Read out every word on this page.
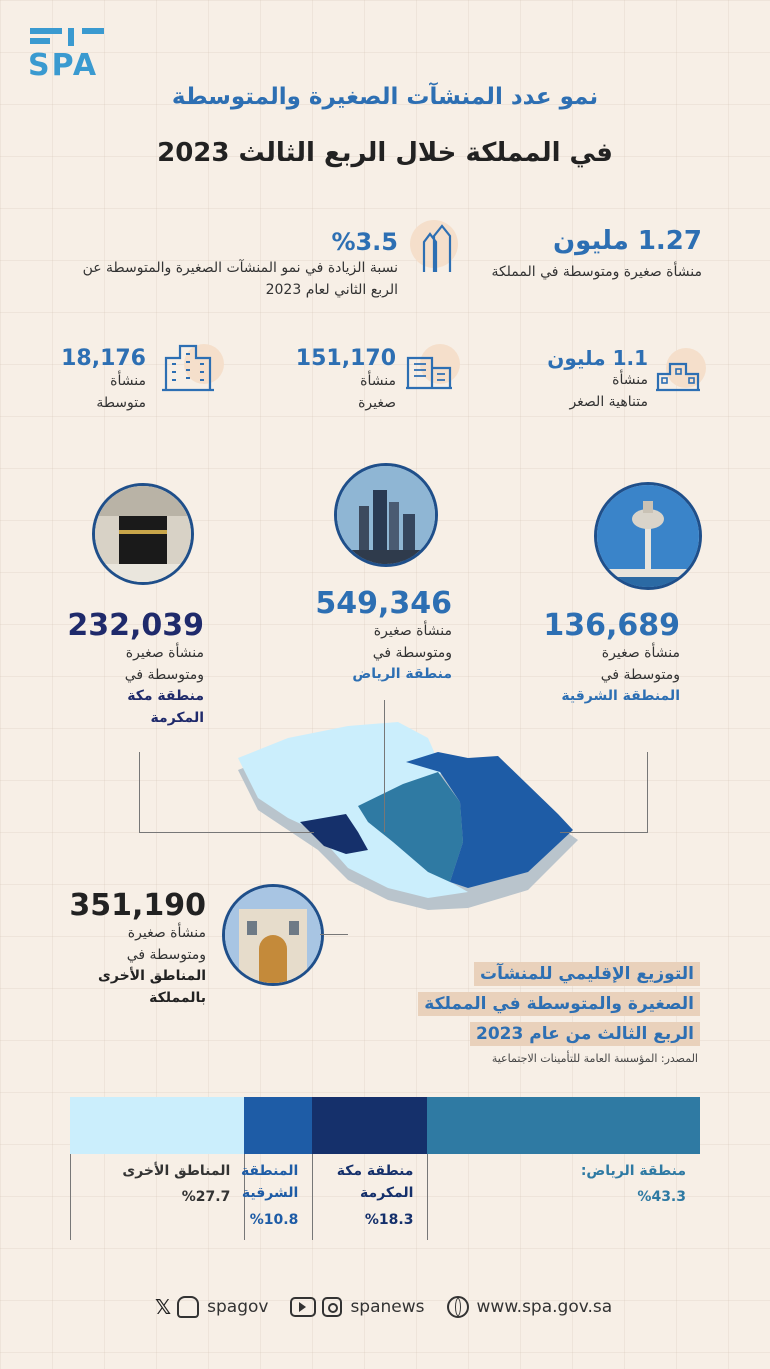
SPA
نمو عدد المنشآت الصغيرة والمتوسطة
في المملكة خلال الربع الثالث 2023
1.27 مليون
منشأة صغيرة ومتوسطة في المملكة
%3.5
نسبة الزيادة في نمو المنشآت الصغيرة والمتوسطة عن الربع الثاني لعام 2023
1.1 مليون
منشأة
متناهية الصغر
151,170
منشأة
صغيرة
18,176
منشأة
متوسطة
136,689
منشأة صغيرة ومتوسطة في
المنطقة الشرقية
549,346
منشأة صغيرة ومتوسطة في
منطقة الرياض
232,039
منشأة صغيرة ومتوسطة في
منطقة مكة المكرمة
351,190
منشأة صغيرة ومتوسطة في
المناطق الأخرى بالمملكة
التوزيع الإقليمي للمنشآت
الصغيرة والمتوسطة في المملكة
الربع الثالث من عام 2023
المصدر: المؤسسة العامة للتأمينات الاجتماعية
منطقة الرياض:
%43.3
منطقة مكة المكرمة
%18.3
المنطقة الشرقية
%10.8
المناطق الأخرى
%27.7
𝕏 spagov	spanews	www.spa.gov.sa
